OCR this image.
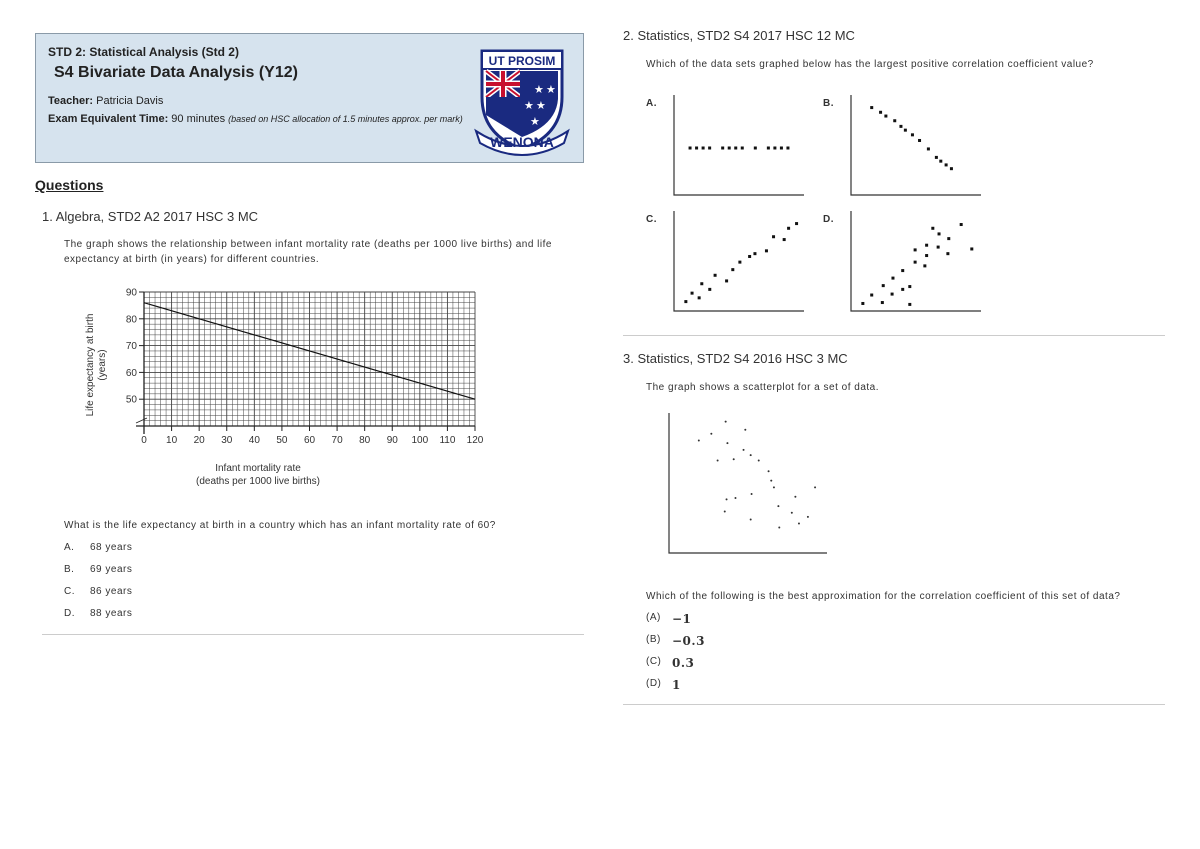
STD 2: Statistical Analysis (Std 2)
S4 Bivariate Data Analysis (Y12)
Teacher: Patricia Davis
Exam Equivalent Time: 90 minutes (based on HSC allocation of 1.5 minutes approx. per mark)
UT PROSIM
★ ★
★ ★
★
WENONA
Questions
1. Algebra, STD2 A2 2017 HSC 3 MC
The graph shows the relationship between infant mortality rate (deaths per 1000 live births) and life expectancy at birth (in years) for different countries.
0 10 20 30 40 50 60 70 80 90 100 110 120
50
60
70
80
90
Infant mortality rate
(deaths per 1000 live births)
Life expectancy at birth (years)
What is the life expectancy at birth in a country which has an infant mortality rate of 60?
A. 68 years
B. 69 years
C. 86 years
D. 88 years
2. Statistics, STD2 S4 2017 HSC 12 MC
Which of the data sets graphed below has the largest positive correlation coefficient value?
A.	B.
C.	D.
3. Statistics, STD2 S4 2016 HSC 3 MC
The graph shows a scatterplot for a set of data.
Which of the following is the best approximation for the correlation coefficient of this set of data?
(A) −1
(B) −0.3
(C) 0.3
(D) 1
